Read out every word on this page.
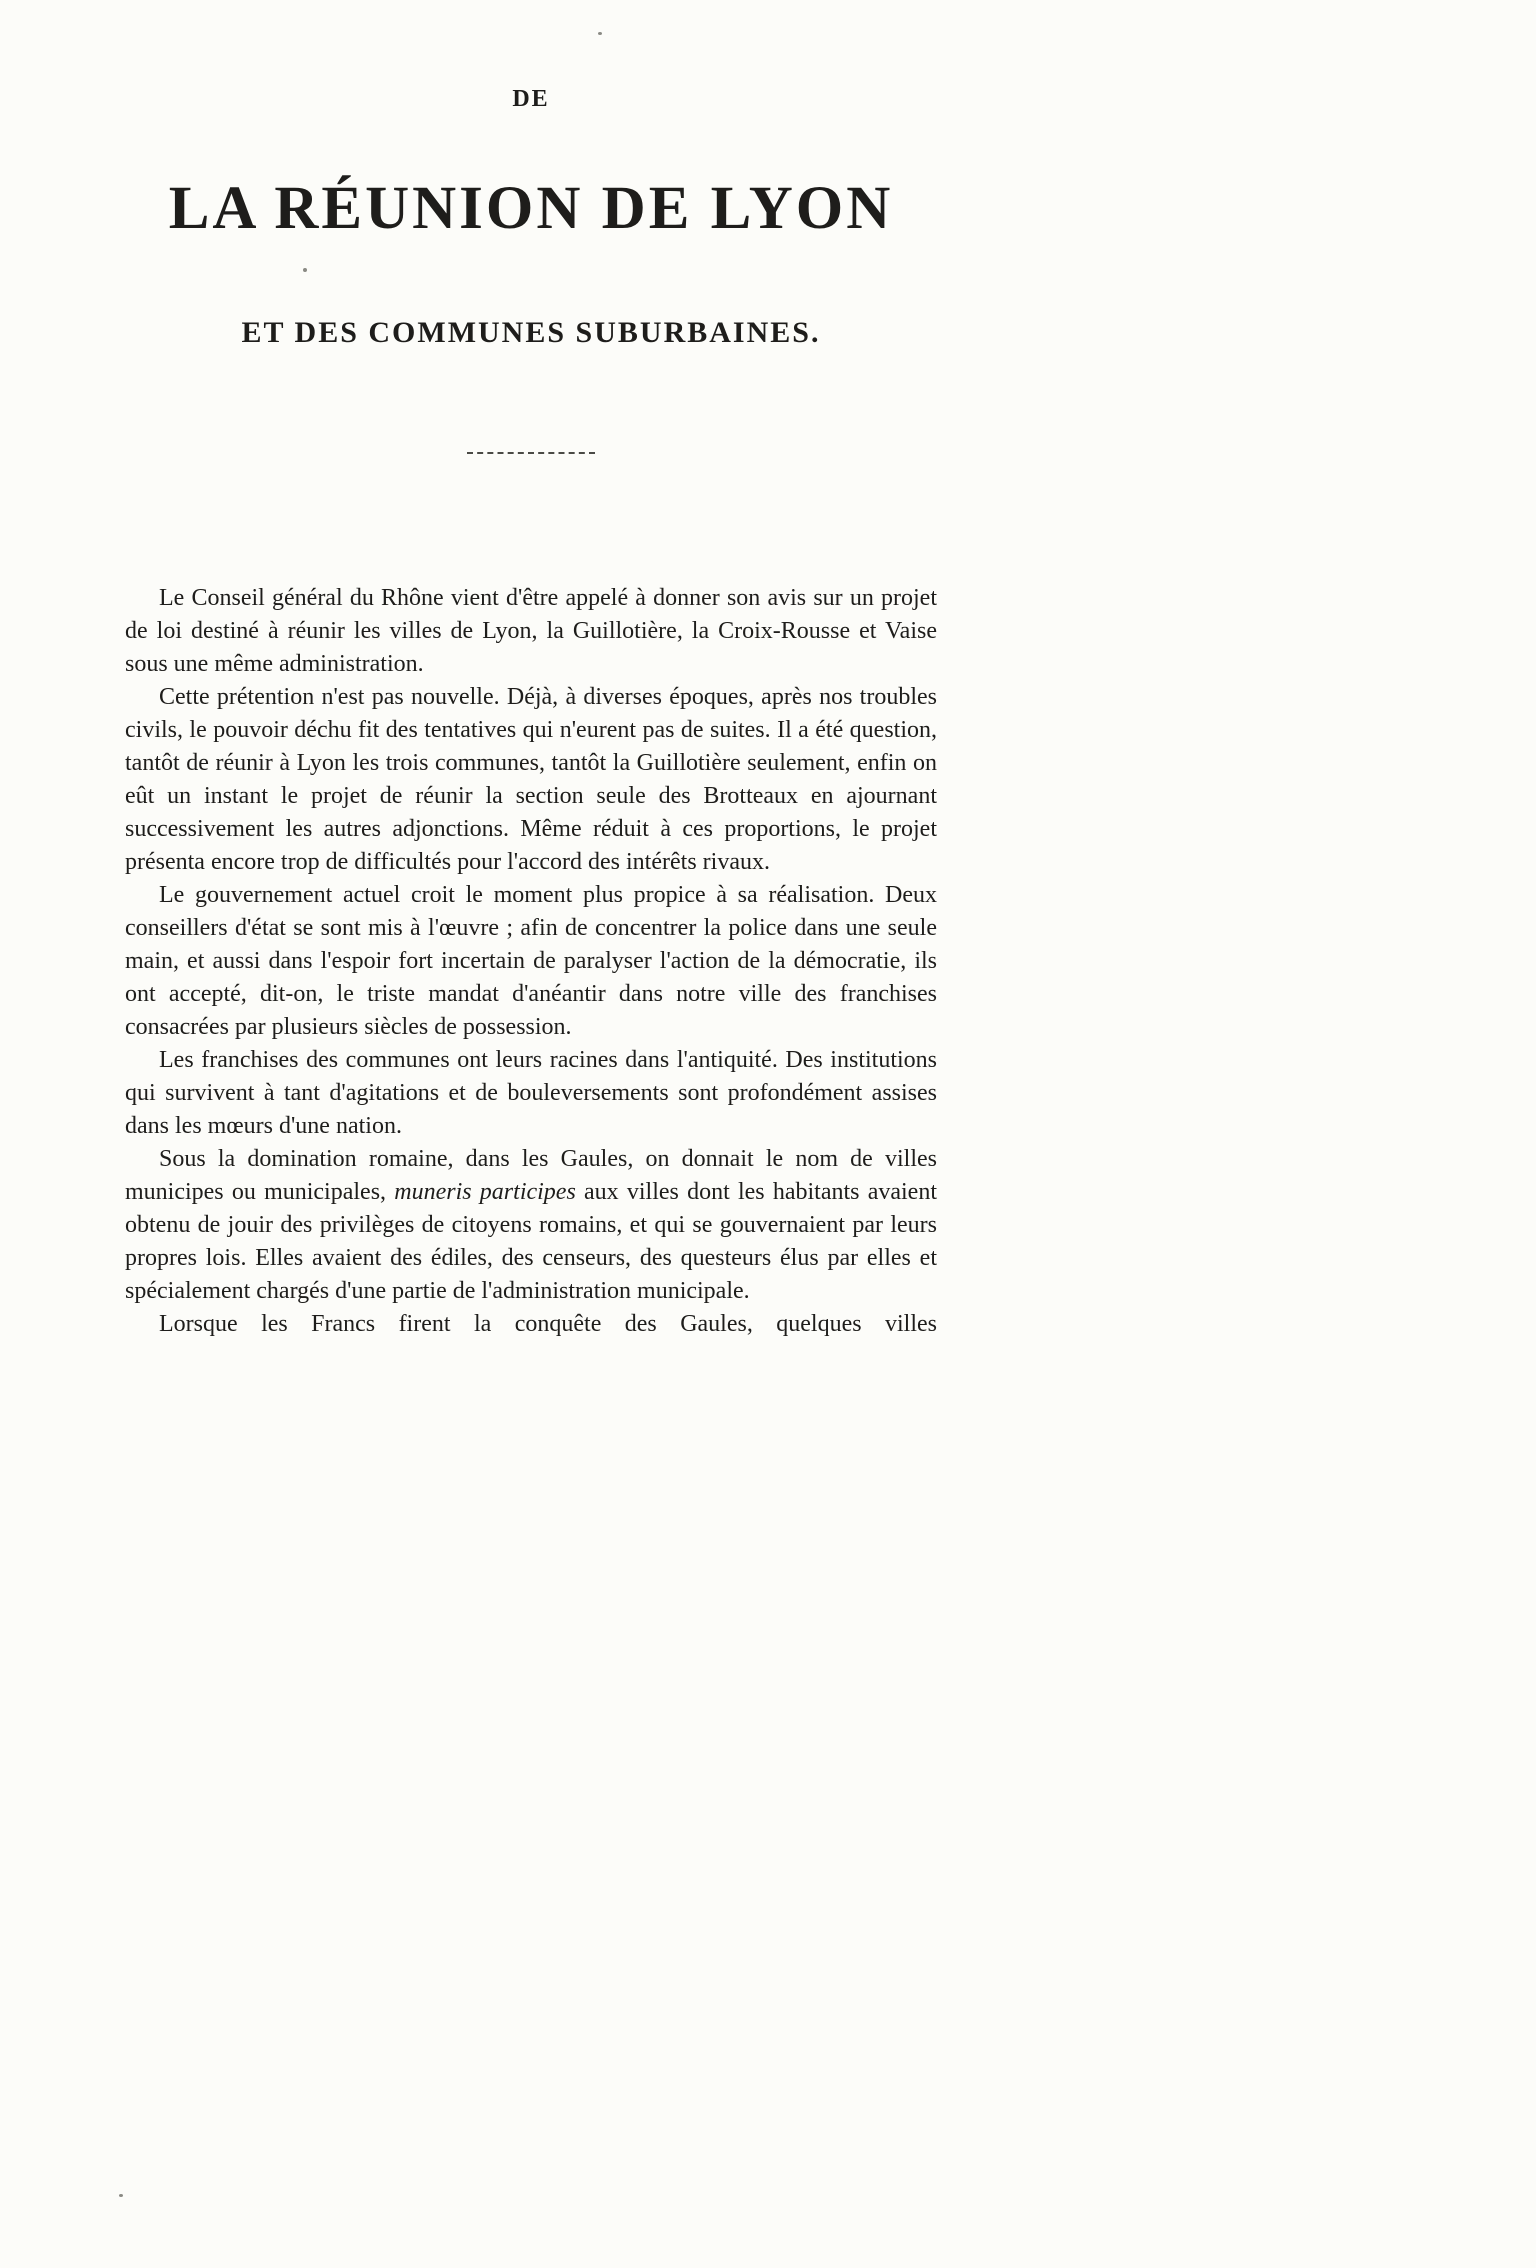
DE
LA RÉUNION DE LYON
ET DES COMMUNES SUBURBAINES.

Le Conseil général du Rhône vient d'être appelé à donner son avis sur un projet de loi destiné à réunir les villes de Lyon, la Guillotière, la Croix-Rousse et Vaise sous une même administration.

Cette prétention n'est pas nouvelle. Déjà, à diverses époques, après nos troubles civils, le pouvoir déchu fit des tentatives qui n'eurent pas de suites. Il a été question, tantôt de réunir à Lyon les trois communes, tantôt la Guillotière seulement, enfin on eût un instant le projet de réunir la section seule des Brotteaux en ajournant successivement les autres adjonctions. Même réduit à ces proportions, le projet présenta encore trop de difficultés pour l'accord des intérêts rivaux.

Le gouvernement actuel croit le moment plus propice à sa réalisation. Deux conseillers d'état se sont mis à l'œuvre ; afin de concentrer la police dans une seule main, et aussi dans l'espoir fort incertain de paralyser l'action de la démocratie, ils ont accepté, dit-on, le triste mandat d'anéantir dans notre ville des franchises consacrées par plusieurs siècles de possession.

Les franchises des communes ont leurs racines dans l'antiquité. Des institutions qui survivent à tant d'agitations et de bouleversements sont profondément assises dans les mœurs d'une nation.

Sous la domination romaine, dans les Gaules, on donnait le nom de villes municipes ou municipales, muneris participes aux villes dont les habitants avaient obtenu de jouir des privilèges de citoyens romains, et qui se gouvernaient par leurs propres lois. Elles avaient des édiles, des censeurs, des questeurs élus par elles et spécialement chargés d'une partie de l'administration municipale.

Lorsque les Francs firent la conquête des Gaules, quelques villes
